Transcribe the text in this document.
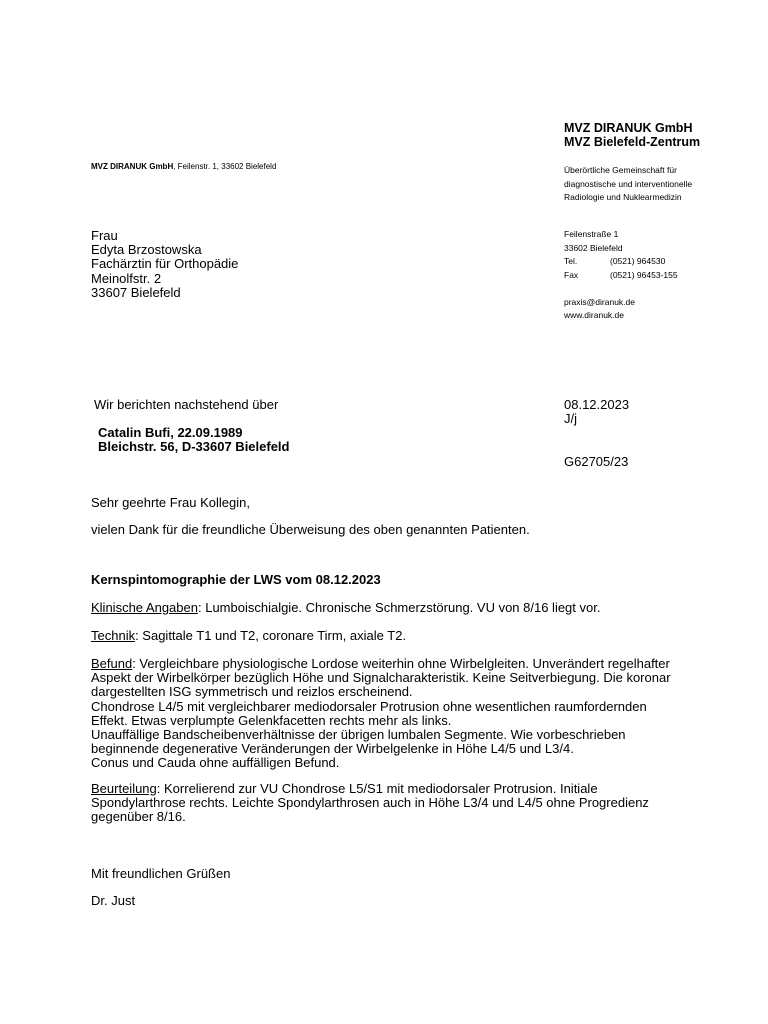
MVZ DIRANUK GmbH
MVZ Bielefeld-Zentrum
MVZ DIRANUK GmbH, Feilenstr. 1, 33602 Bielefeld	Überörtliche Gemeinschaft für
diagnostische und interventionelle
Radiologie und Nuklearmedizin
Frau
Edyta Brzostowska
Fachärztin für Orthopädie
Meinolfstr. 2
33607 Bielefeld
Feilenstraße 1
33602 Bielefeld
Tel.	(0521) 964530
Fax	(0521) 96453-155
praxis@diranuk.de
www.diranuk.de
Wir berichten nachstehend über	08.12.2023
J/j
Catalin Bufi, 22.09.1989
Bleichstr. 56, D-33607 Bielefeld
G62705/23
Sehr geehrte Frau Kollegin,
vielen Dank für die freundliche Überweisung des oben genannten Patienten.
Kernspintomographie der LWS vom 08.12.2023
Klinische Angaben: Lumboischialgie. Chronische Schmerzstörung. VU von 8/16 liegt vor.
Technik: Sagittale T1 und T2, coronare Tirm, axiale T2.
Befund: Vergleichbare physiologische Lordose weiterhin ohne Wirbelgleiten. Unverändert regelhafter
Aspekt der Wirbelkörper bezüglich Höhe und Signalcharakteristik. Keine Seitverbiegung. Die koronar
dargestellten ISG symmetrisch und reizlos erscheinend.
Chondrose L4/5 mit vergleichbarer mediodorsaler Protrusion ohne wesentlichen raumfordernden
Effekt. Etwas verplumpte Gelenkfacetten rechts mehr als links.
Unauffällige Bandscheibenverhältnisse der übrigen lumbalen Segmente. Wie vorbeschrieben
beginnende degenerative Veränderungen der Wirbelgelenke in Höhe L4/5 und L3/4.
Conus und Cauda ohne auffälligen Befund.
Beurteilung: Korrelierend zur VU Chondrose L5/S1 mit mediodorsaler Protrusion. Initiale
Spondylarthrose rechts. Leichte Spondylarthrosen auch in Höhe L3/4 und L4/5 ohne Progredienz
gegenüber 8/16.
Mit freundlichen Grüßen
Dr. Just
